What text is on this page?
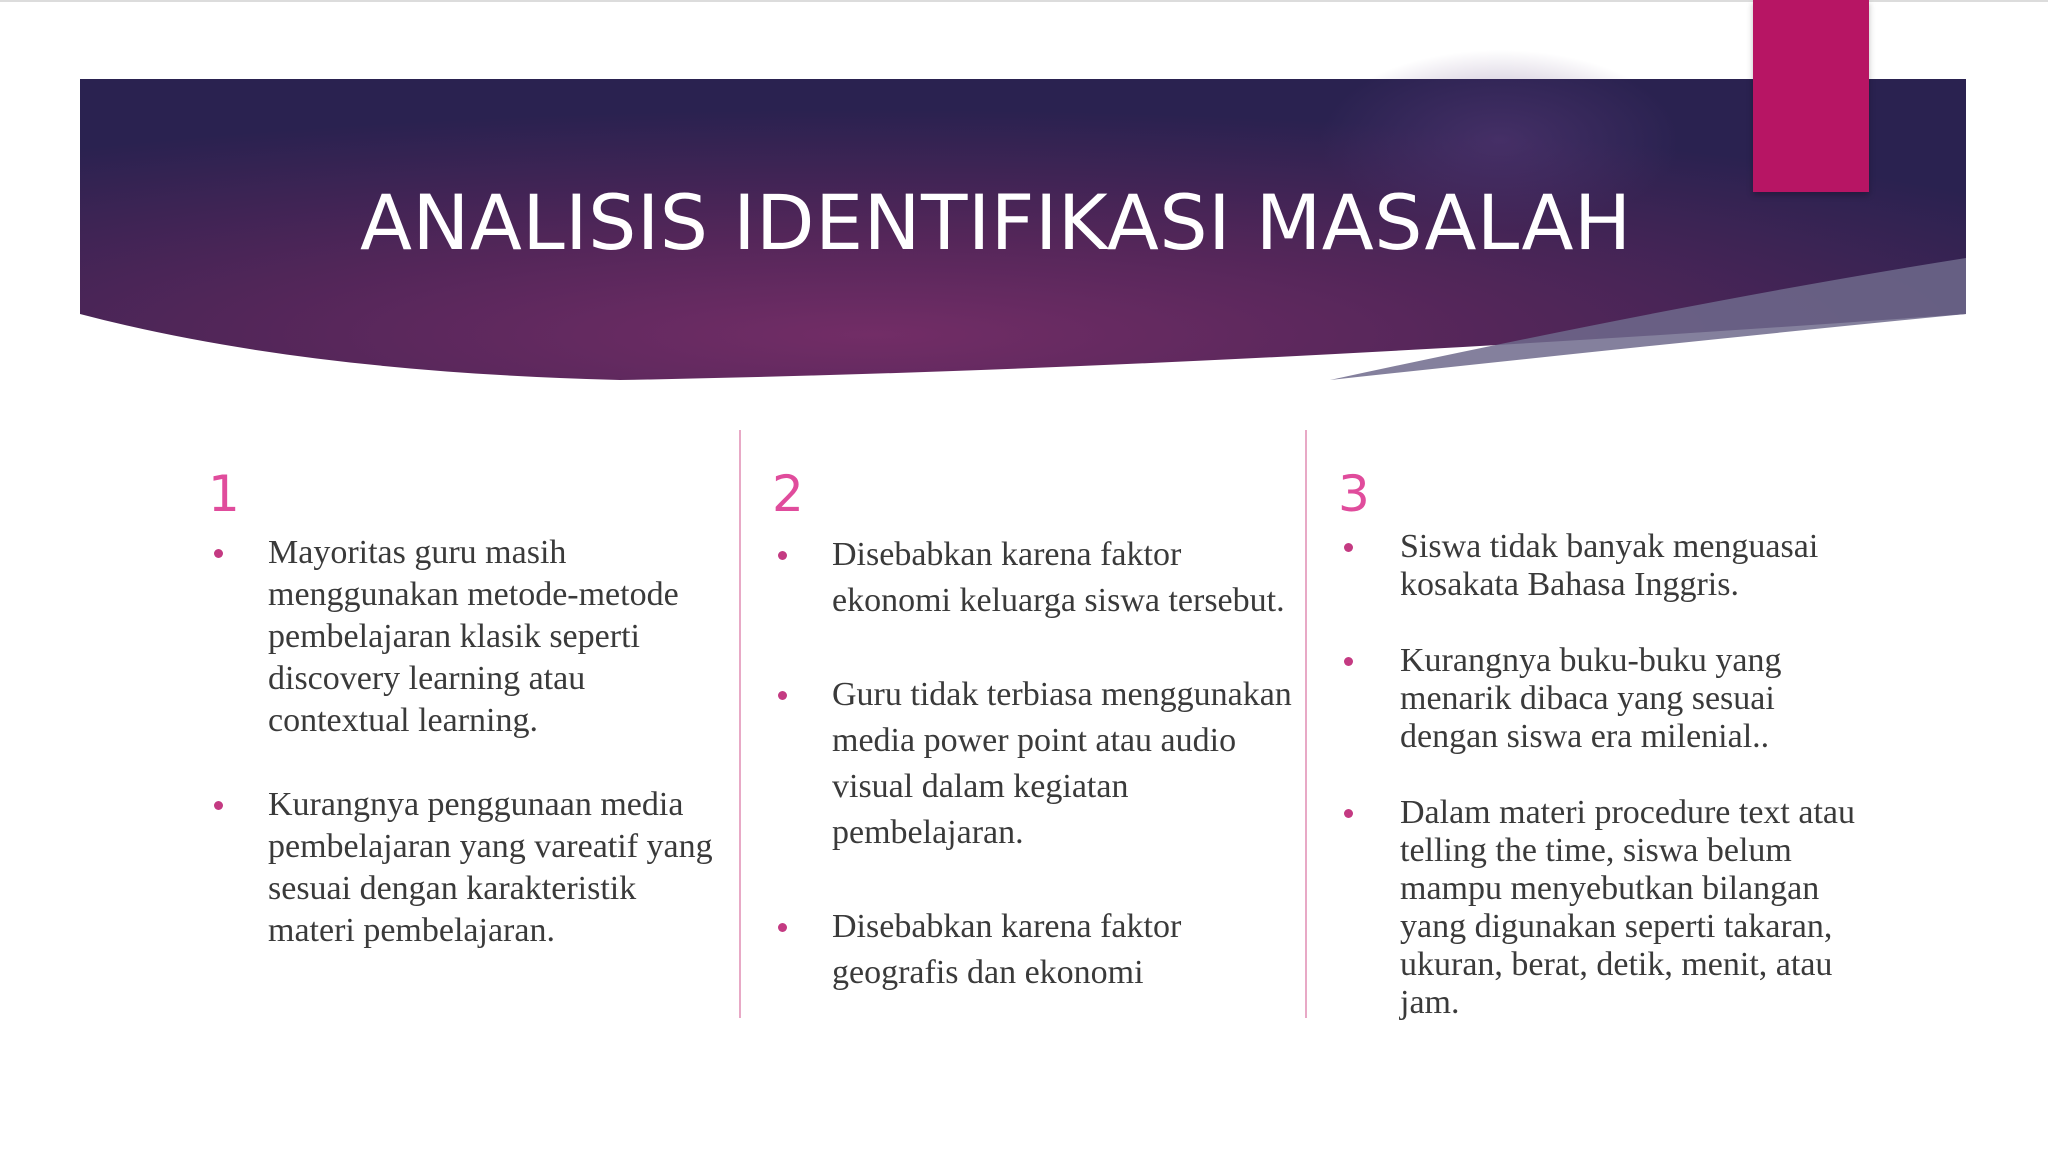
ANALISIS IDENTIFIKASI MASALAH
1
Mayoritas guru masih menggunakan metode-metode pembelajaran klasik seperti discovery learning atau contextual learning.
Kurangnya penggunaan media pembelajaran yang vareatif yang sesuai dengan karakteristik materi pembelajaran.
2
Disebabkan karena faktor ekonomi keluarga siswa tersebut.
Guru tidak terbiasa menggunakan media power point atau audio visual dalam kegiatan pembelajaran.
Disebabkan karena faktor geografis dan ekonomi
3
Siswa tidak banyak menguasai kosakata Bahasa Inggris.
Kurangnya buku-buku yang menarik dibaca yang sesuai dengan siswa era milenial..
Dalam materi procedure text atau telling the time, siswa belum mampu menyebutkan bilangan yang digunakan seperti takaran, ukuran, berat, detik, menit, atau jam.
